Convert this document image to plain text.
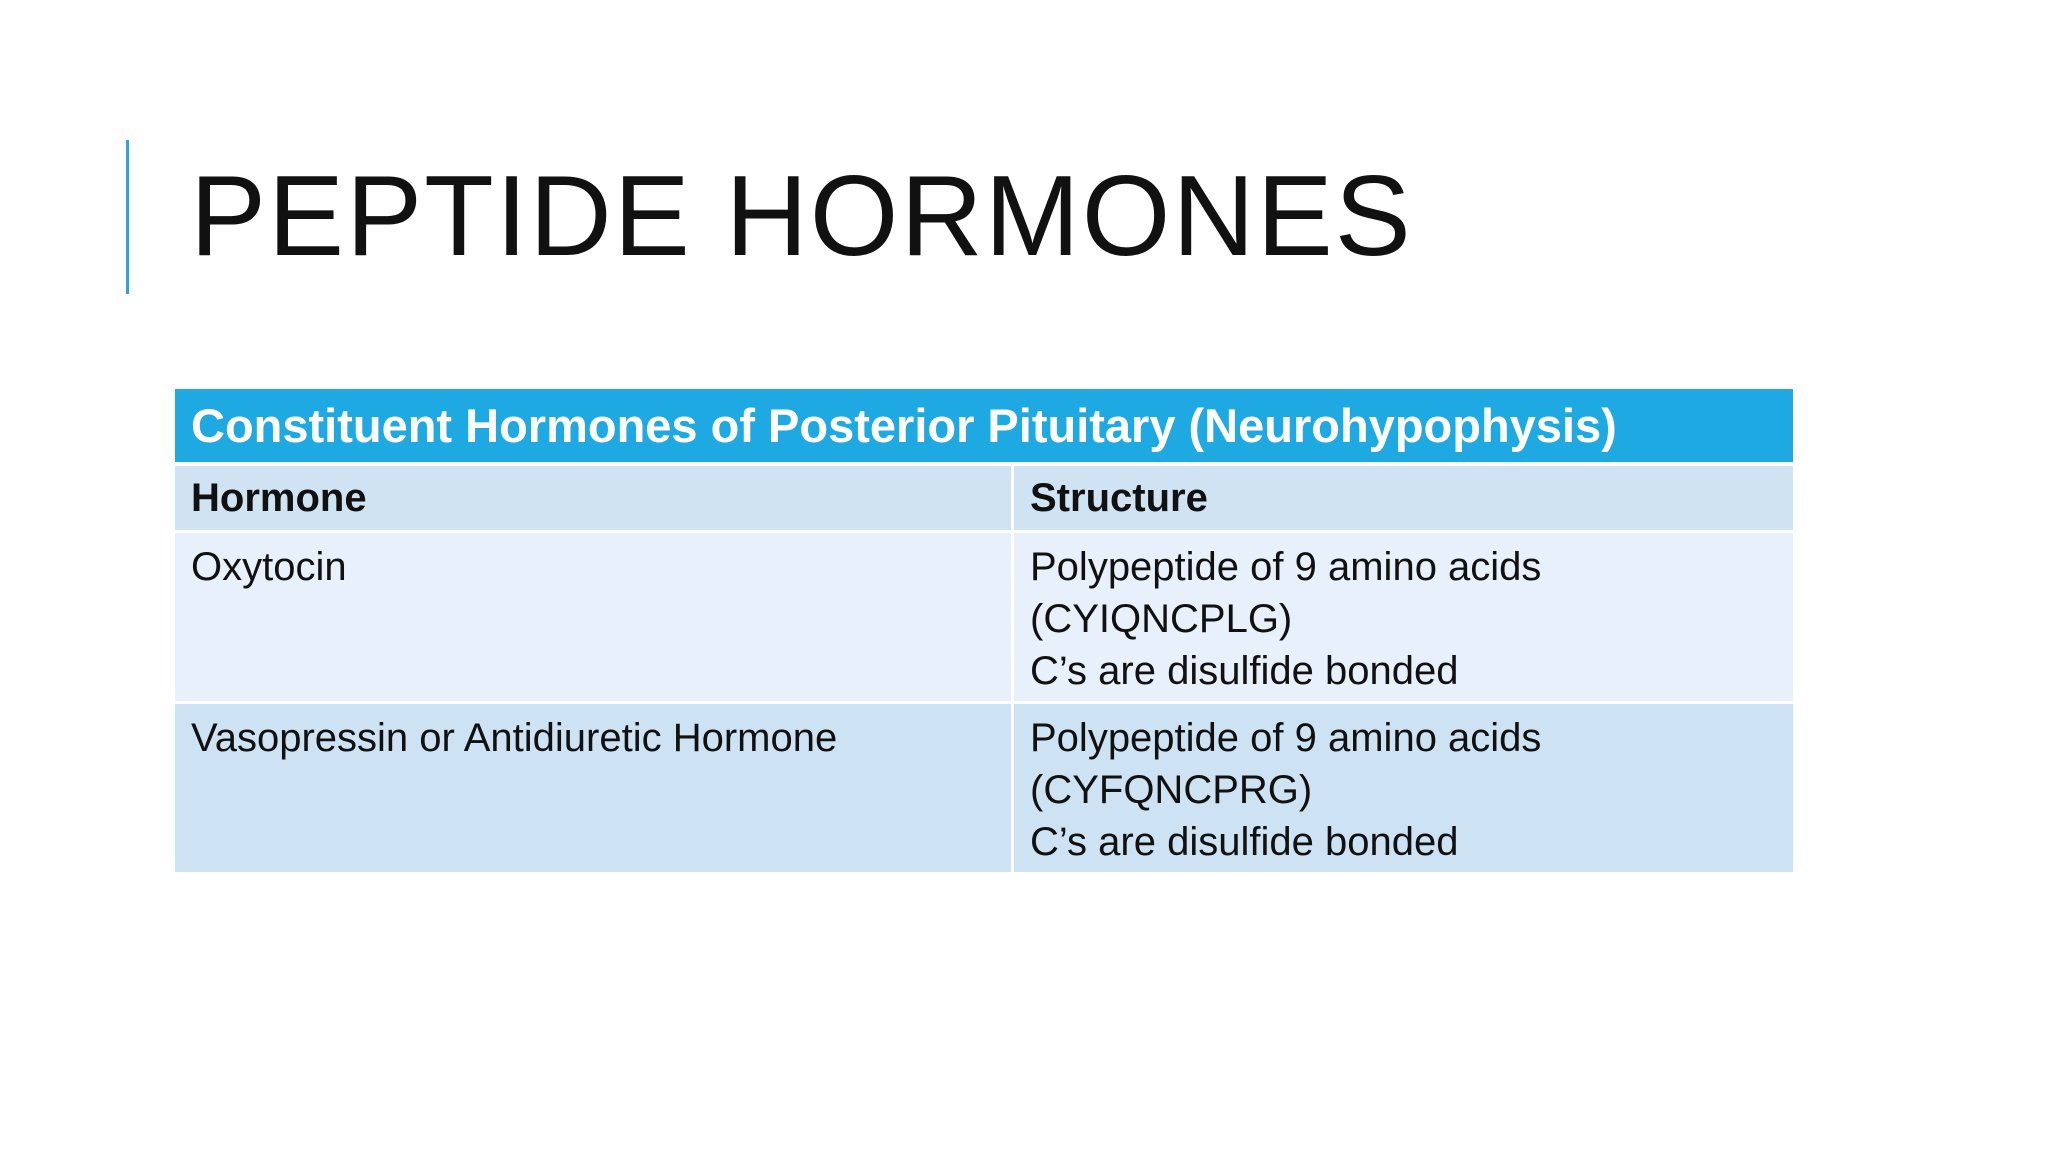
PEPTIDE HORMONES
Constituent Hormones of Posterior Pituitary (Neurohypophysis)	
Hormone	Structure
Oxytocin	Polypeptide of 9 amino acids
(CYIQNCPLG)
C’s are disulfide bonded

Vasopressin or Antidiuretic Hormone	Polypeptide of 9 amino acids
(CYFQNCPRG)
C’s are disulfide bonded
